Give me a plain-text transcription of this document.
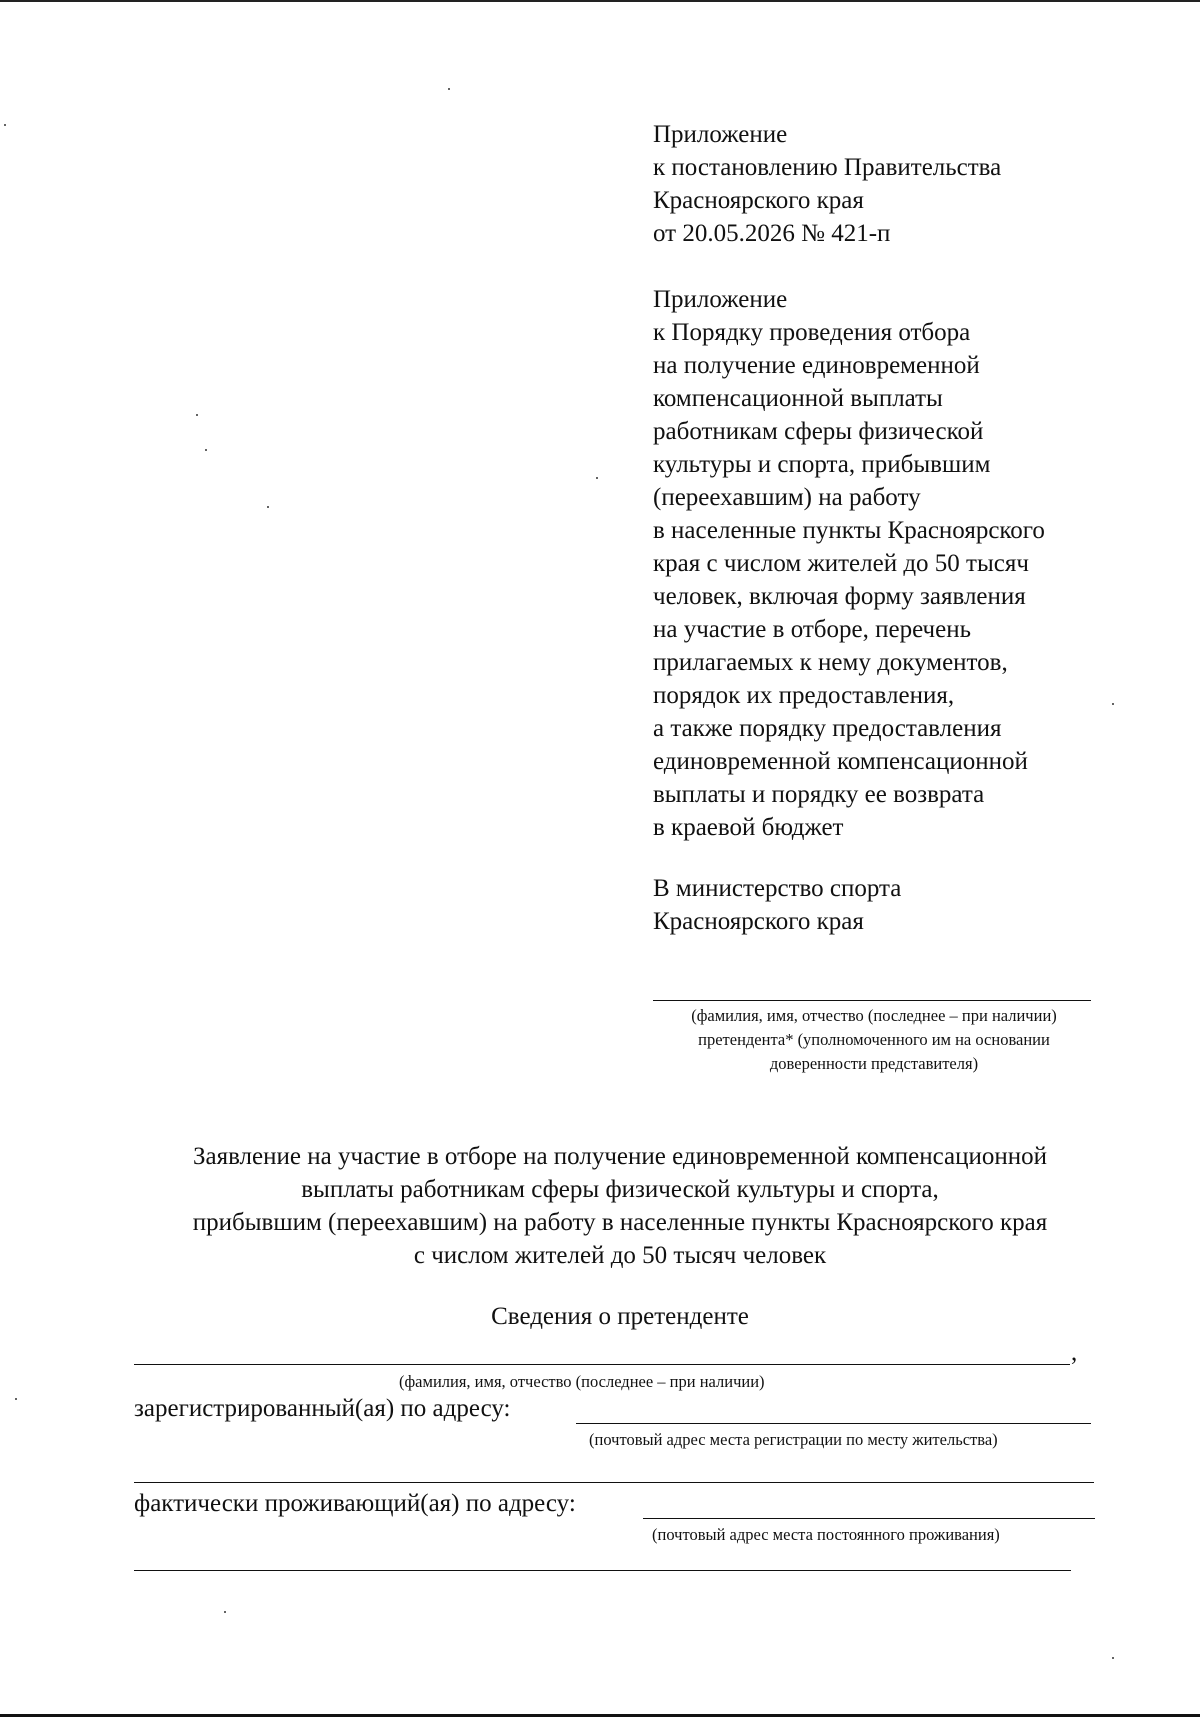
Приложение
к постановлению Правительства
Красноярского края
от 20.05.2026 № 421-п
Приложение
к Порядку проведения отбора
на получение единовременной
компенсационной выплаты
работникам сферы физической
культуры и спорта, прибывшим
(переехавшим) на работу
в населенные пункты Красноярского
края с числом жителей до 50 тысяч
человек, включая форму заявления
на участие в отборе, перечень
прилагаемых к нему документов,
порядок их предоставления,
а также порядку предоставления
единовременной компенсационной
выплаты и порядку ее возврата
в краевой бюджет
В министерство спорта
Красноярского края
(фамилия, имя, отчество (последнее – при наличии)
претендента* (уполномоченного им на основании
доверенности представителя)
Заявление на участие в отборе на получение единовременной компенсационной
выплаты работникам сферы физической культуры и спорта,
прибывшим (переехавшим) на работу в населенные пункты Красноярского края
с числом жителей до 50 тысяч человек
Сведения о претенденте
,
(фамилия, имя, отчество (последнее – при наличии)
зарегистрированный(ая) по адресу:
(почтовый адрес места регистрации по месту жительства)
фактически проживающий(ая) по адресу:
(почтовый адрес места постоянного проживания)
